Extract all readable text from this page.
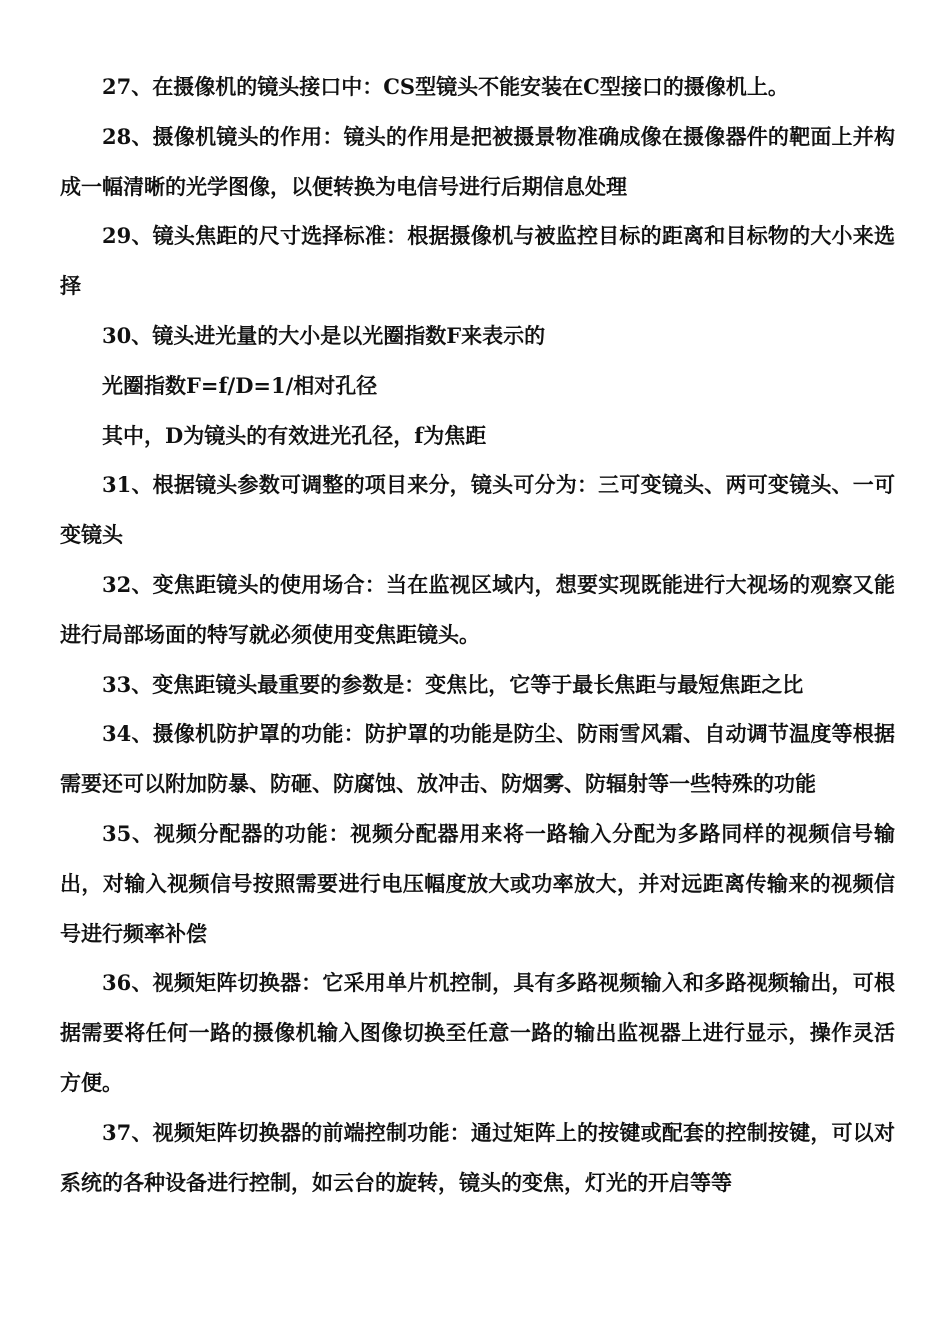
27、在摄像机的镜头接口中：CS型镜头不能安装在C型接口的摄像机上。

28、摄像机镜头的作用：镜头的作用是把被摄景物准确成像在摄像器件的靶面上并构成一幅清晰的光学图像，以便转换为电信号进行后期信息处理

29、镜头焦距的尺寸选择标准：根据摄像机与被监控目标的距离和目标物的大小来选择

30、镜头进光量的大小是以光圈指数F来表示的

光圈指数F=f/D=1/相对孔径

其中，D为镜头的有效进光孔径，f为焦距

31、根据镜头参数可调整的项目来分，镜头可分为：三可变镜头、两可变镜头、一可变镜头

32、变焦距镜头的使用场合：当在监视区域内，想要实现既能进行大视场的观察又能进行局部场面的特写就必须使用变焦距镜头。

33、变焦距镜头最重要的参数是：变焦比，它等于最长焦距与最短焦距之比

34、摄像机防护罩的功能：防护罩的功能是防尘、防雨雪风霜、自动调节温度等根据需要还可以附加防暴、防砸、防腐蚀、放冲击、防烟雾、防辐射等一些特殊的功能

35、视频分配器的功能：视频分配器用来将一路输入分配为多路同样的视频信号输出，对输入视频信号按照需要进行电压幅度放大或功率放大，并对远距离传输来的视频信号进行频率补偿

36、视频矩阵切换器：它采用单片机控制，具有多路视频输入和多路视频输出，可根据需要将任何一路的摄像机输入图像切换至任意一路的输出监视器上进行显示，操作灵活方便。

37、视频矩阵切换器的前端控制功能：通过矩阵上的按键或配套的控制按键，可以对系统的各种设备进行控制，如云台的旋转，镜头的变焦，灯光的开启等等
